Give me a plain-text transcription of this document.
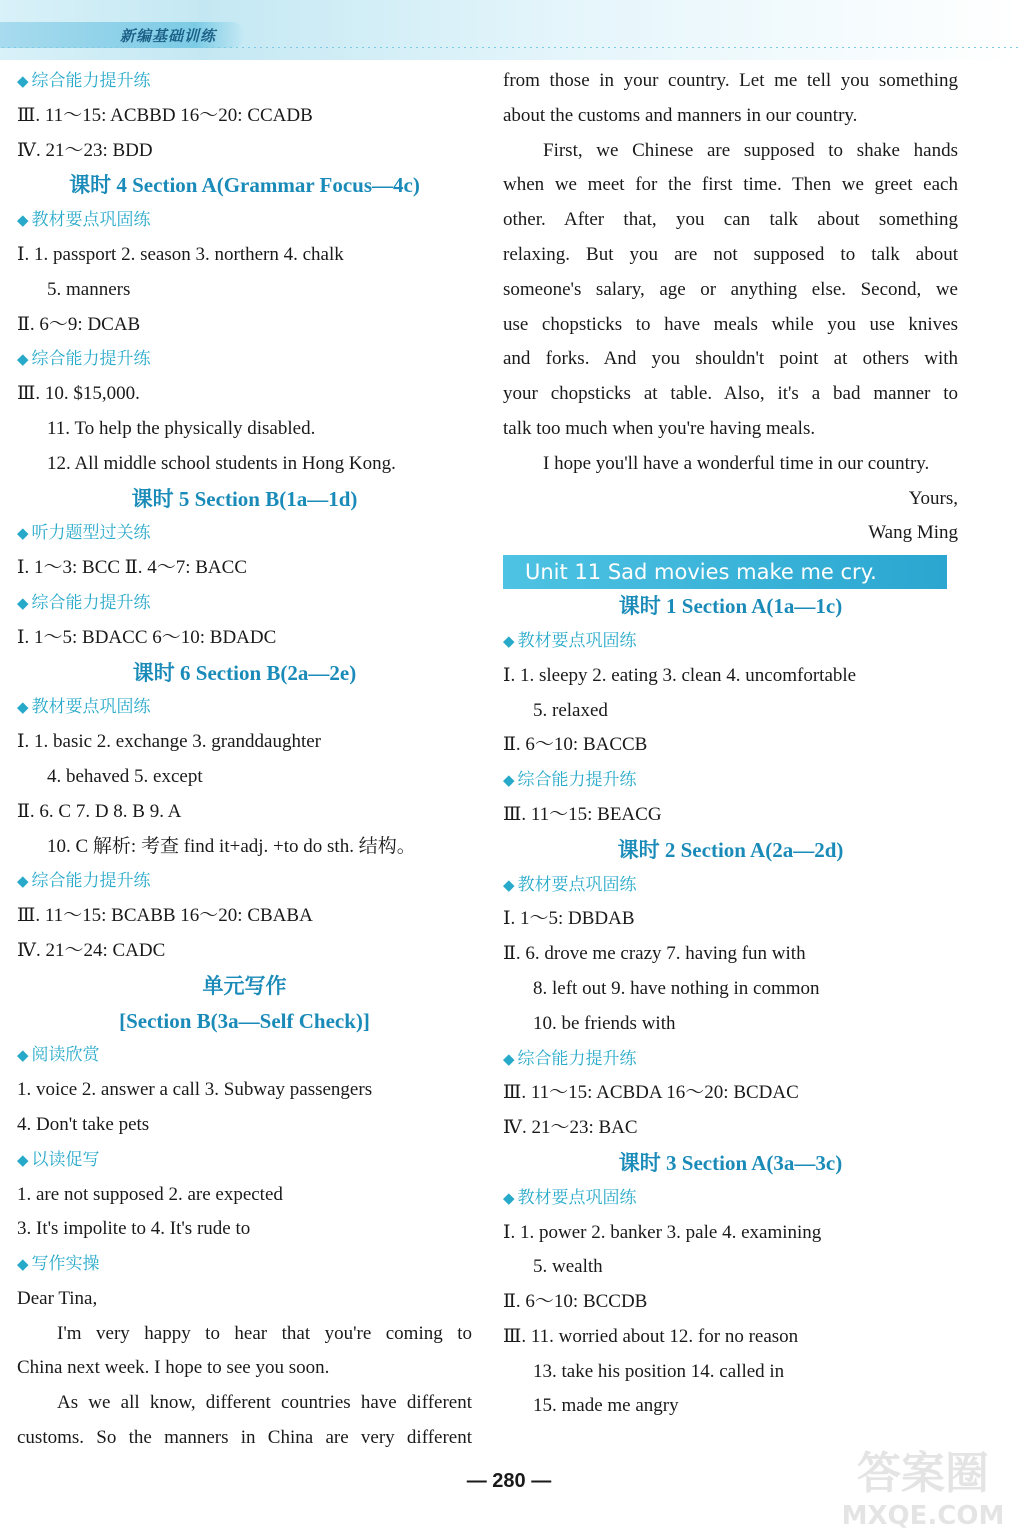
新编基础训练
◆ 综合能力提升练
Ⅲ. 11～15: ACBBD 16～20: CCADB
Ⅳ. 21～23: BDD
课时 4 Section A(Grammar Focus—4c)
◆ 教材要点巩固练
Ⅰ. 1. passport 2. season 3. northern 4. chalk
5. manners
Ⅱ. 6～9: DCAB
◆ 综合能力提升练
Ⅲ. 10. $15,000.
11. To help the physically disabled.
12. All middle school students in Hong Kong.
课时 5 Section B(1a—1d)
◆ 听力题型过关练
Ⅰ. 1～3: BCC Ⅱ. 4～7: BACC
◆ 综合能力提升练
Ⅰ. 1～5: BDACC 6～10: BDADC
课时 6 Section B(2a—2e)
◆ 教材要点巩固练
Ⅰ. 1. basic 2. exchange 3. granddaughter
4. behaved 5. except
Ⅱ. 6. C 7. D 8. B 9. A
10. C 解析: 考查 find it+adj. +to do sth. 结构。
◆ 综合能力提升练
Ⅲ. 11～15: BCABB 16～20: CBABA
Ⅳ. 21～24: CADC
单元写作
[Section B(3a—Self Check)]
◆ 阅读欣赏
1. voice 2. answer a call 3. Subway passengers
4. Don't take pets
◆ 以读促写
1. are not supposed 2. are expected
3. It's impolite to 4. It's rude to
◆ 写作实操
Dear Tina,
I'm very happy to hear that you're coming to
China next week. I hope to see you soon.
As we all know, different countries have different
customs. So the manners in China are very different
from those in your country. Let me tell you something
about the customs and manners in our country.
First, we Chinese are supposed to shake hands
when we meet for the first time. Then we greet each
other. After that, you can talk about something
relaxing. But you are not supposed to talk about
someone's salary, age or anything else. Second, we
use chopsticks to have meals while you use knives
and forks. And you shouldn't point at others with
your chopsticks at table. Also, it's a bad manner to
talk too much when you're having meals.
I hope you'll have a wonderful time in our country.
Yours,
Wang Ming
Unit 11 Sad movies make me cry.
课时 1 Section A(1a—1c)
◆ 教材要点巩固练
Ⅰ. 1. sleepy 2. eating 3. clean 4. uncomfortable
5. relaxed
Ⅱ. 6～10: BACCB
◆ 综合能力提升练
Ⅲ. 11～15: BEACG
课时 2 Section A(2a—2d)
◆ 教材要点巩固练
Ⅰ. 1～5: DBDAB
Ⅱ. 6. drove me crazy 7. having fun with
8. left out 9. have nothing in common
10. be friends with
◆ 综合能力提升练
Ⅲ. 11～15: ACBDA 16～20: BCDAC
Ⅳ. 21～23: BAC
课时 3 Section A(3a—3c)
◆ 教材要点巩固练
Ⅰ. 1. power 2. banker 3. pale 4. examining
5. wealth
Ⅱ. 6～10: BCCDB
Ⅲ. 11. worried about 12. for no reason
13. take his position 14. called in
15. made me angry
— 280 —	答案圈
MXQE.COM
